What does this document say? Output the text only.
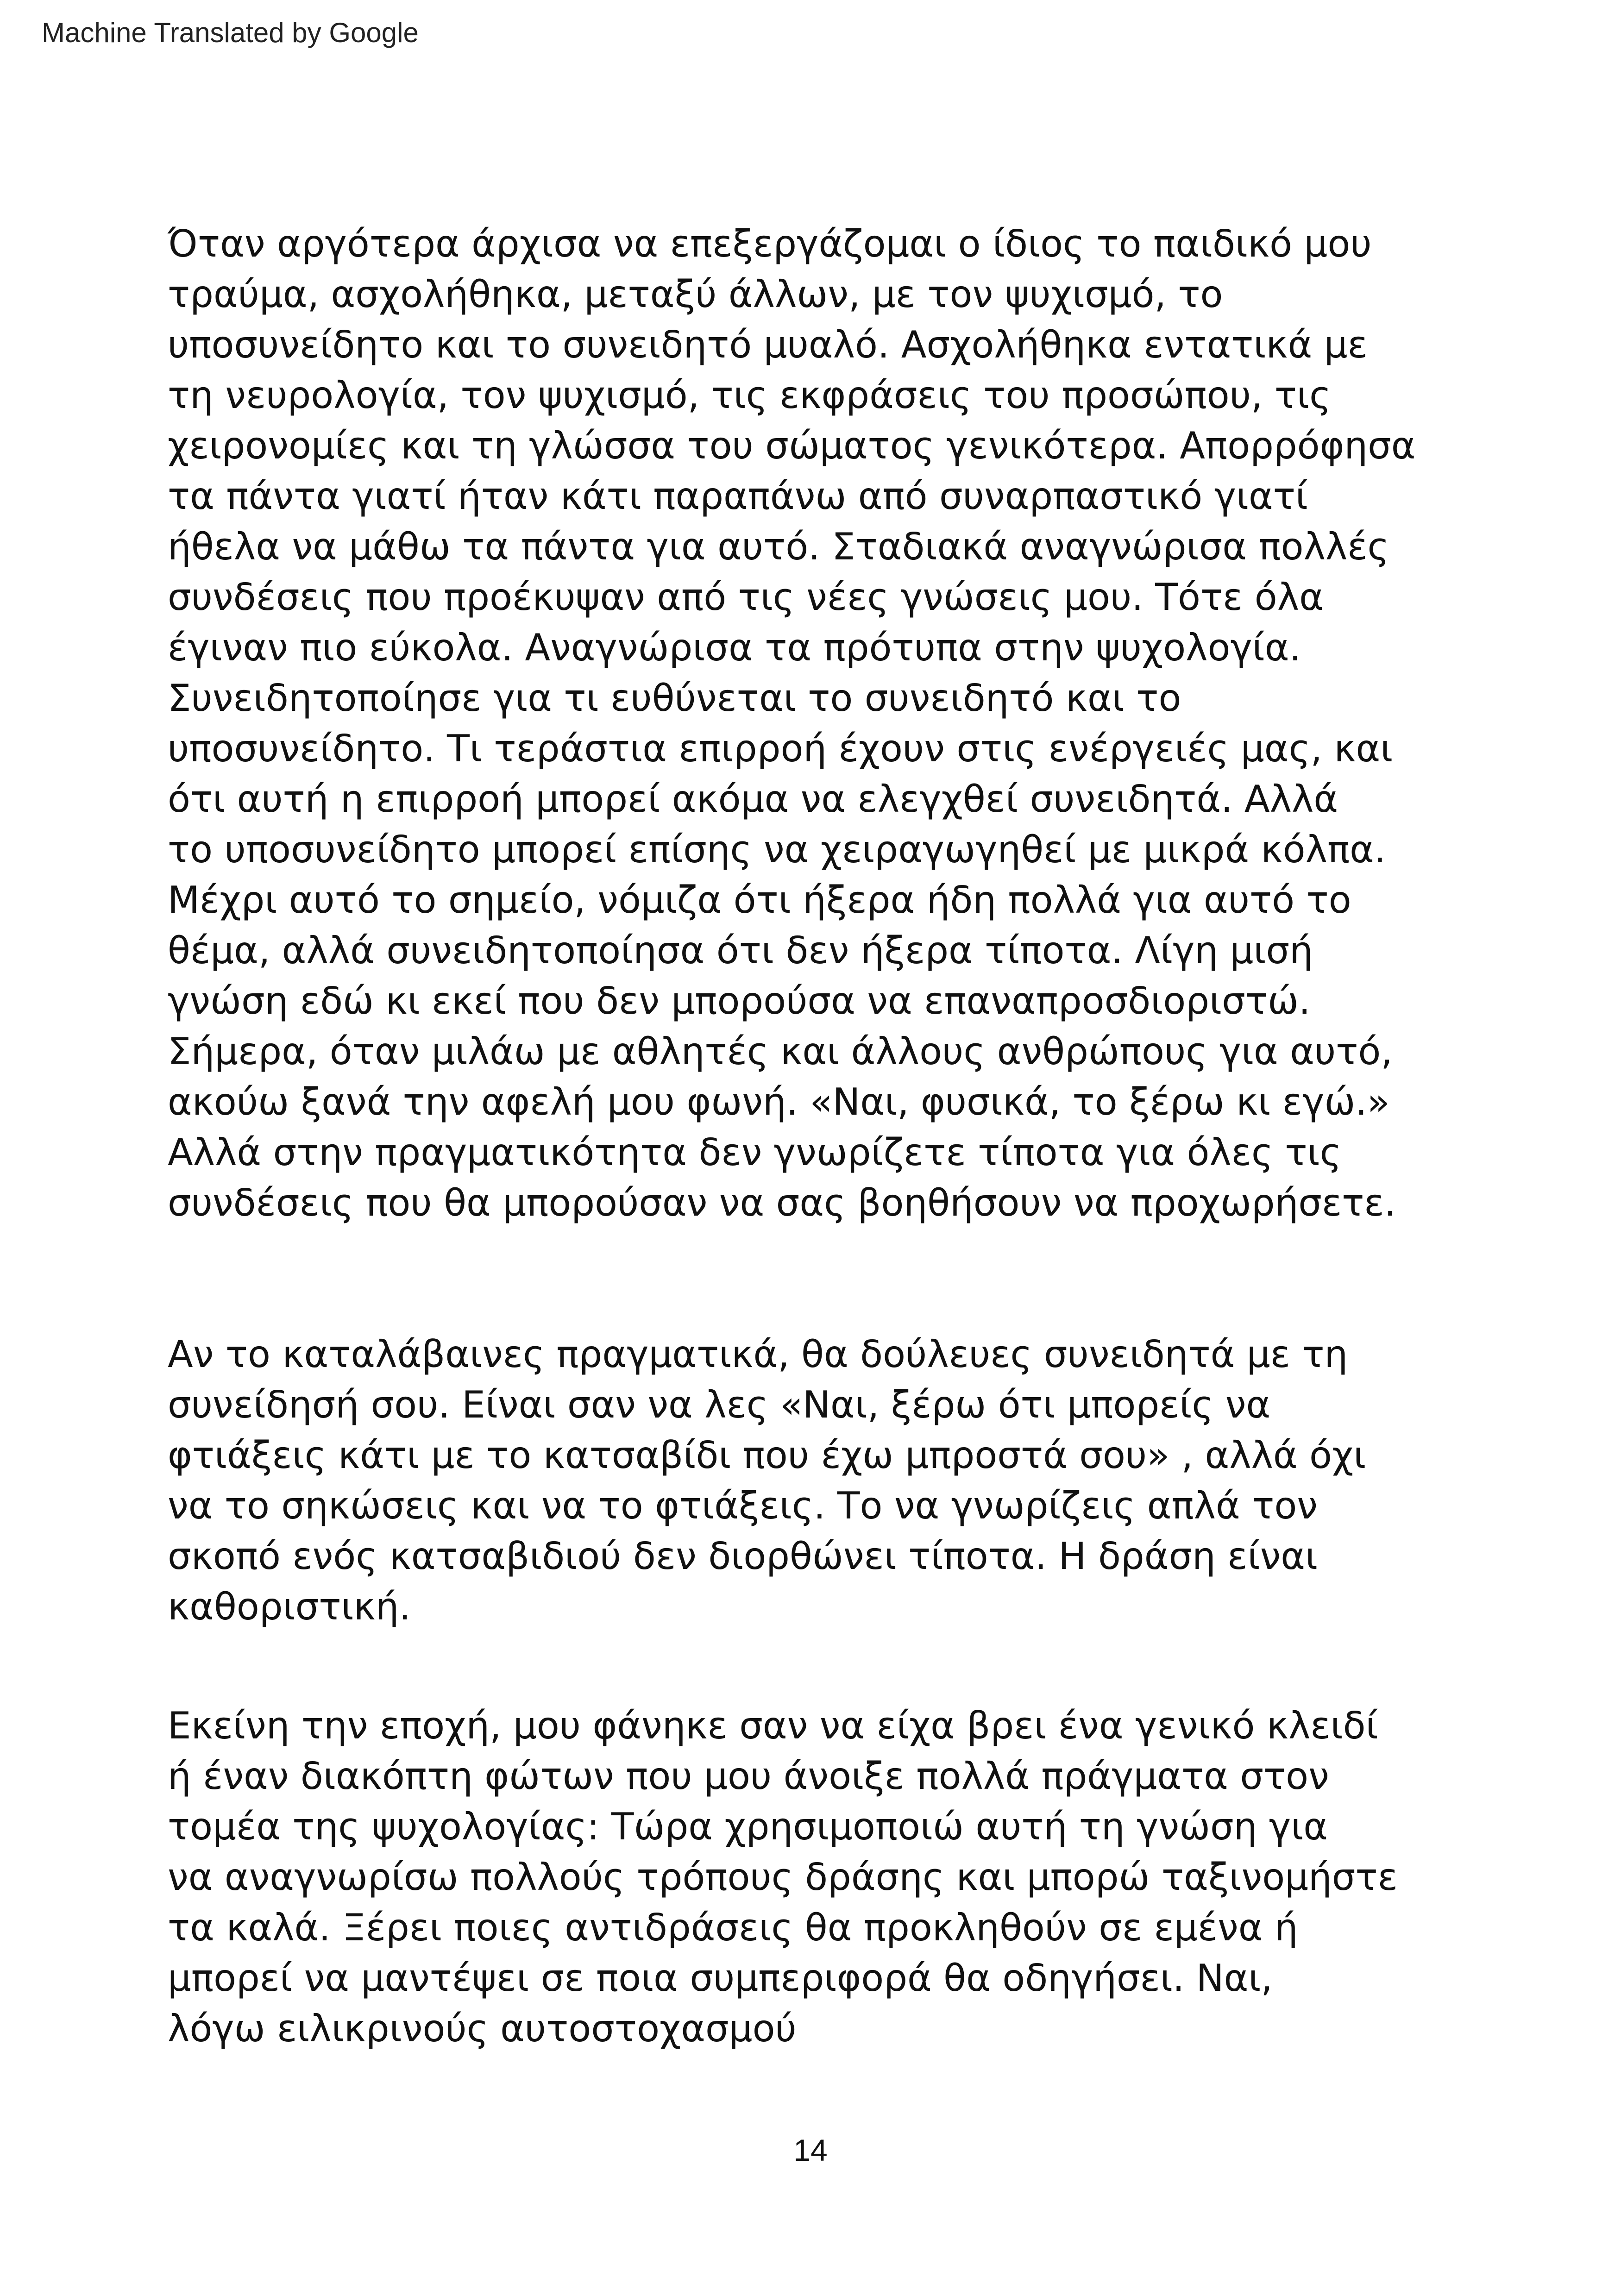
Machine Translated by Google
Όταν αργότερα άρχισα να επεξεργάζομαι ο ίδιος το παιδικό μου
τραύμα, ασχολήθηκα, μεταξύ άλλων, με τον ψυχισμό, το
υποσυνείδητο και το συνειδητό μυαλό. Ασχολήθηκα εντατικά με
τη νευρολογία, τον ψυχισμό, τις εκφράσεις του προσώπου, τις
χειρονομίες και τη γλώσσα του σώματος γενικότερα. Απορρόφησα
τα πάντα γιατί ήταν κάτι παραπάνω από συναρπαστικό γιατί
ήθελα να μάθω τα πάντα για αυτό. Σταδιακά αναγνώρισα πολλές
συνδέσεις που προέκυψαν από τις νέες γνώσεις μου. Τότε όλα
έγιναν πιο εύκολα. Αναγνώρισα τα πρότυπα στην ψυχολογία.
Συνειδητοποίησε για τι ευθύνεται το συνειδητό και το
υποσυνείδητο. Τι τεράστια επιρροή έχουν στις ενέργειές μας, και
ότι αυτή η επιρροή μπορεί ακόμα να ελεγχθεί συνειδητά. Αλλά
το υποσυνείδητο μπορεί επίσης να χειραγωγηθεί με μικρά κόλπα.
Μέχρι αυτό το σημείο, νόμιζα ότι ήξερα ήδη πολλά για αυτό το
θέμα, αλλά συνειδητοποίησα ότι δεν ήξερα τίποτα. Λίγη μισή
γνώση εδώ κι εκεί που δεν μπορούσα να επαναπροσδιοριστώ.
Σήμερα, όταν μιλάω με αθλητές και άλλους ανθρώπους για αυτό,
ακούω ξανά την αφελή μου φωνή. «Ναι, φυσικά, το ξέρω κι εγώ.»
Αλλά στην πραγματικότητα δεν γνωρίζετε τίποτα για όλες τις
συνδέσεις που θα μπορούσαν να σας βοηθήσουν να προχωρήσετε.
Αν το καταλάβαινες πραγματικά, θα δούλευες συνειδητά με τη
συνείδησή σου. Είναι σαν να λες «Ναι, ξέρω ότι μπορείς να
φτιάξεις κάτι με το κατσαβίδι που έχω μπροστά σου» , αλλά όχι
να το σηκώσεις και να το φτιάξεις. Το να γνωρίζεις απλά τον
σκοπό ενός κατσαβιδιού δεν διορθώνει τίποτα. Η δράση είναι
καθοριστική.
Εκείνη την εποχή, μου φάνηκε σαν να είχα βρει ένα γενικό κλειδί
ή έναν διακόπτη φώτων που μου άνοιξε πολλά πράγματα στον
τομέα της ψυχολογίας: Τώρα χρησιμοποιώ αυτή τη γνώση για
να αναγνωρίσω πολλούς τρόπους δράσης και μπορώ ταξινομήστε
τα καλά. Ξέρει ποιες αντιδράσεις θα προκληθούν σε εμένα ή
μπορεί να μαντέψει σε ποια συμπεριφορά θα οδηγήσει. Ναι,
λόγω ειλικρινούς αυτοστοχασμού
14
